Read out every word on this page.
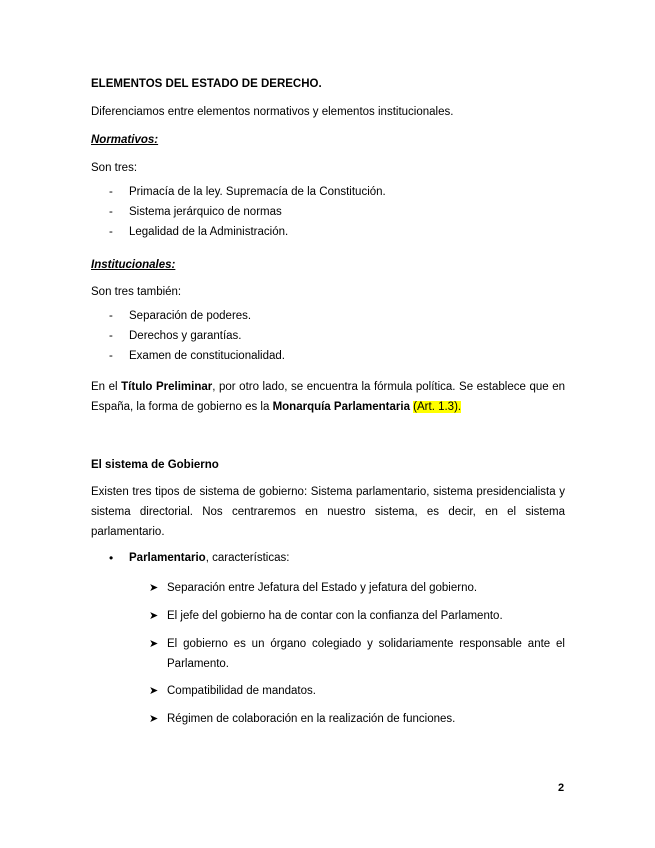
ELEMENTOS DEL ESTADO DE DERECHO.
Diferenciamos entre elementos normativos y elementos institucionales.
Normativos:
Son tres:
-	Primacía de la ley. Supremacía de la Constitución.
-	Sistema jerárquico de normas
-	Legalidad de la Administración.
Institucionales:
Son tres también:
-	Separación de poderes.
-	Derechos y garantías.
-	Examen de constitucionalidad.
En el Título Preliminar, por otro lado, se encuentra la fórmula política. Se establece que en España, la forma de gobierno es la Monarquía Parlamentaria (Art. 1.3).
El sistema de Gobierno
Existen tres tipos de sistema de gobierno: Sistema parlamentario, sistema presidencialista y sistema directorial. Nos centraremos en nuestro sistema, es decir, en el sistema parlamentario.
• Parlamentario, características:
➤ Separación entre Jefatura del Estado y jefatura del gobierno.
➤ El jefe del gobierno ha de contar con la confianza del Parlamento.
➤ El gobierno es un órgano colegiado y solidariamente responsable ante el Parlamento.
➤ Compatibilidad de mandatos.
➤ Régimen de colaboración en la realización de funciones.
2
